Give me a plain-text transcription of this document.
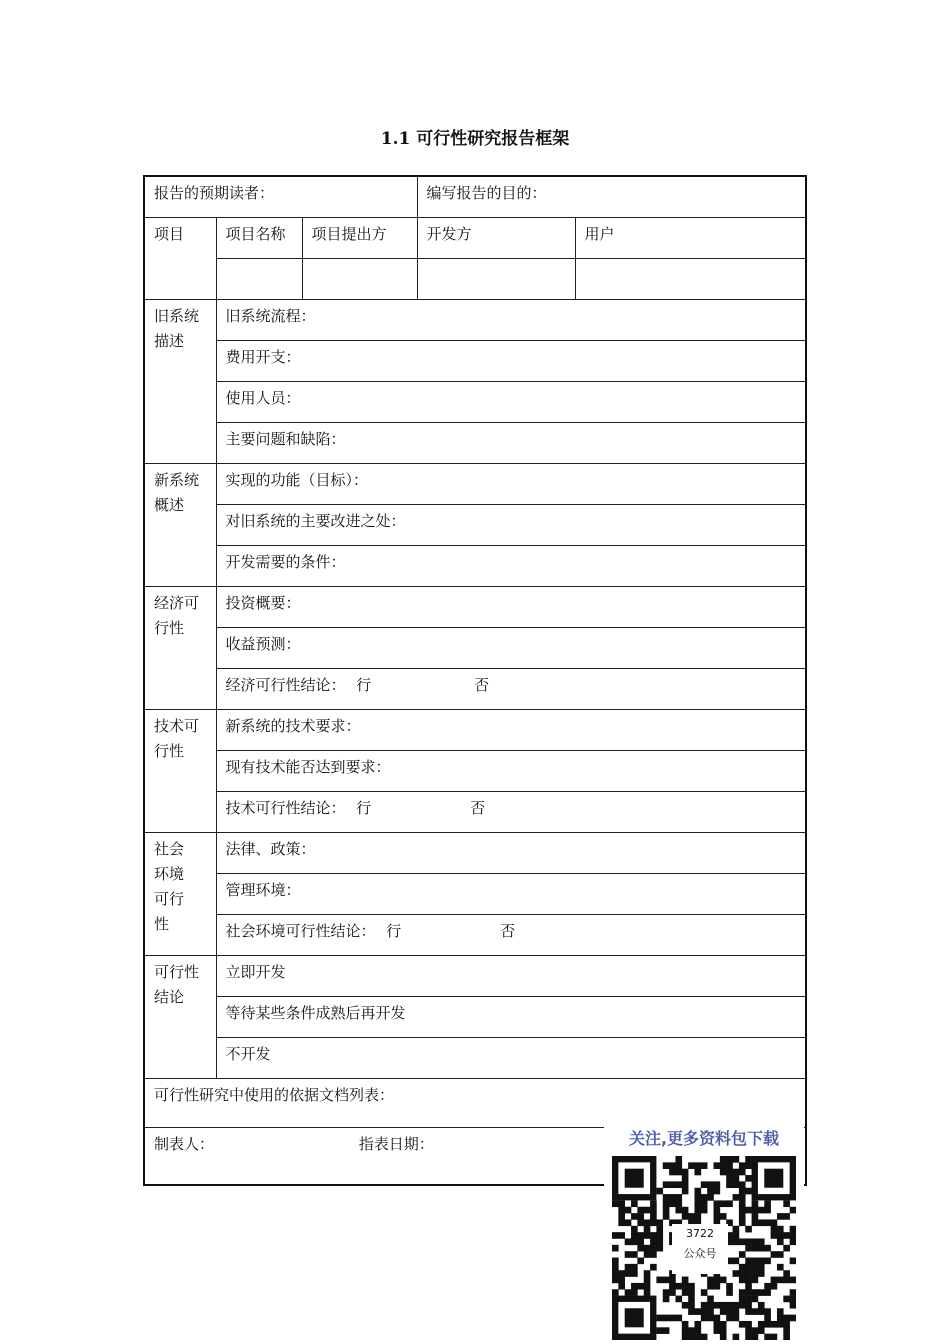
1.1 可行性研究报告框架
报告的预期读者：			编写报告的目的：	
项目	项目名称	项目提出方	开发方	用户

旧系统
描述	旧系统流程：			
	费用开支：			
	使用人员：			
	主要问题和缺陷：			

新系统
概述	实现的功能（目标）：			
	对旧系统的主要改进之处：			
	开发需要的条件：			

经济可
行性	投资概要：			
	收益预测：			
	经济可行性结论： 行 否			

技术可
行性	新系统的技术要求：			
	现有技术能否达到要求：			
	技术可行性结论： 行 否			

社会
环境
可行
性	法律、政策：			
	管理环境：			
	社会环境可行性结论： 行 否			

可行性
结论	立即开发			
	等待某些条件成熟后再开发			
	不开发			
可行性研究中使用的依据文档列表：				
制表人： 指表日期：					关注,更多资料包下载
3722
公众号
